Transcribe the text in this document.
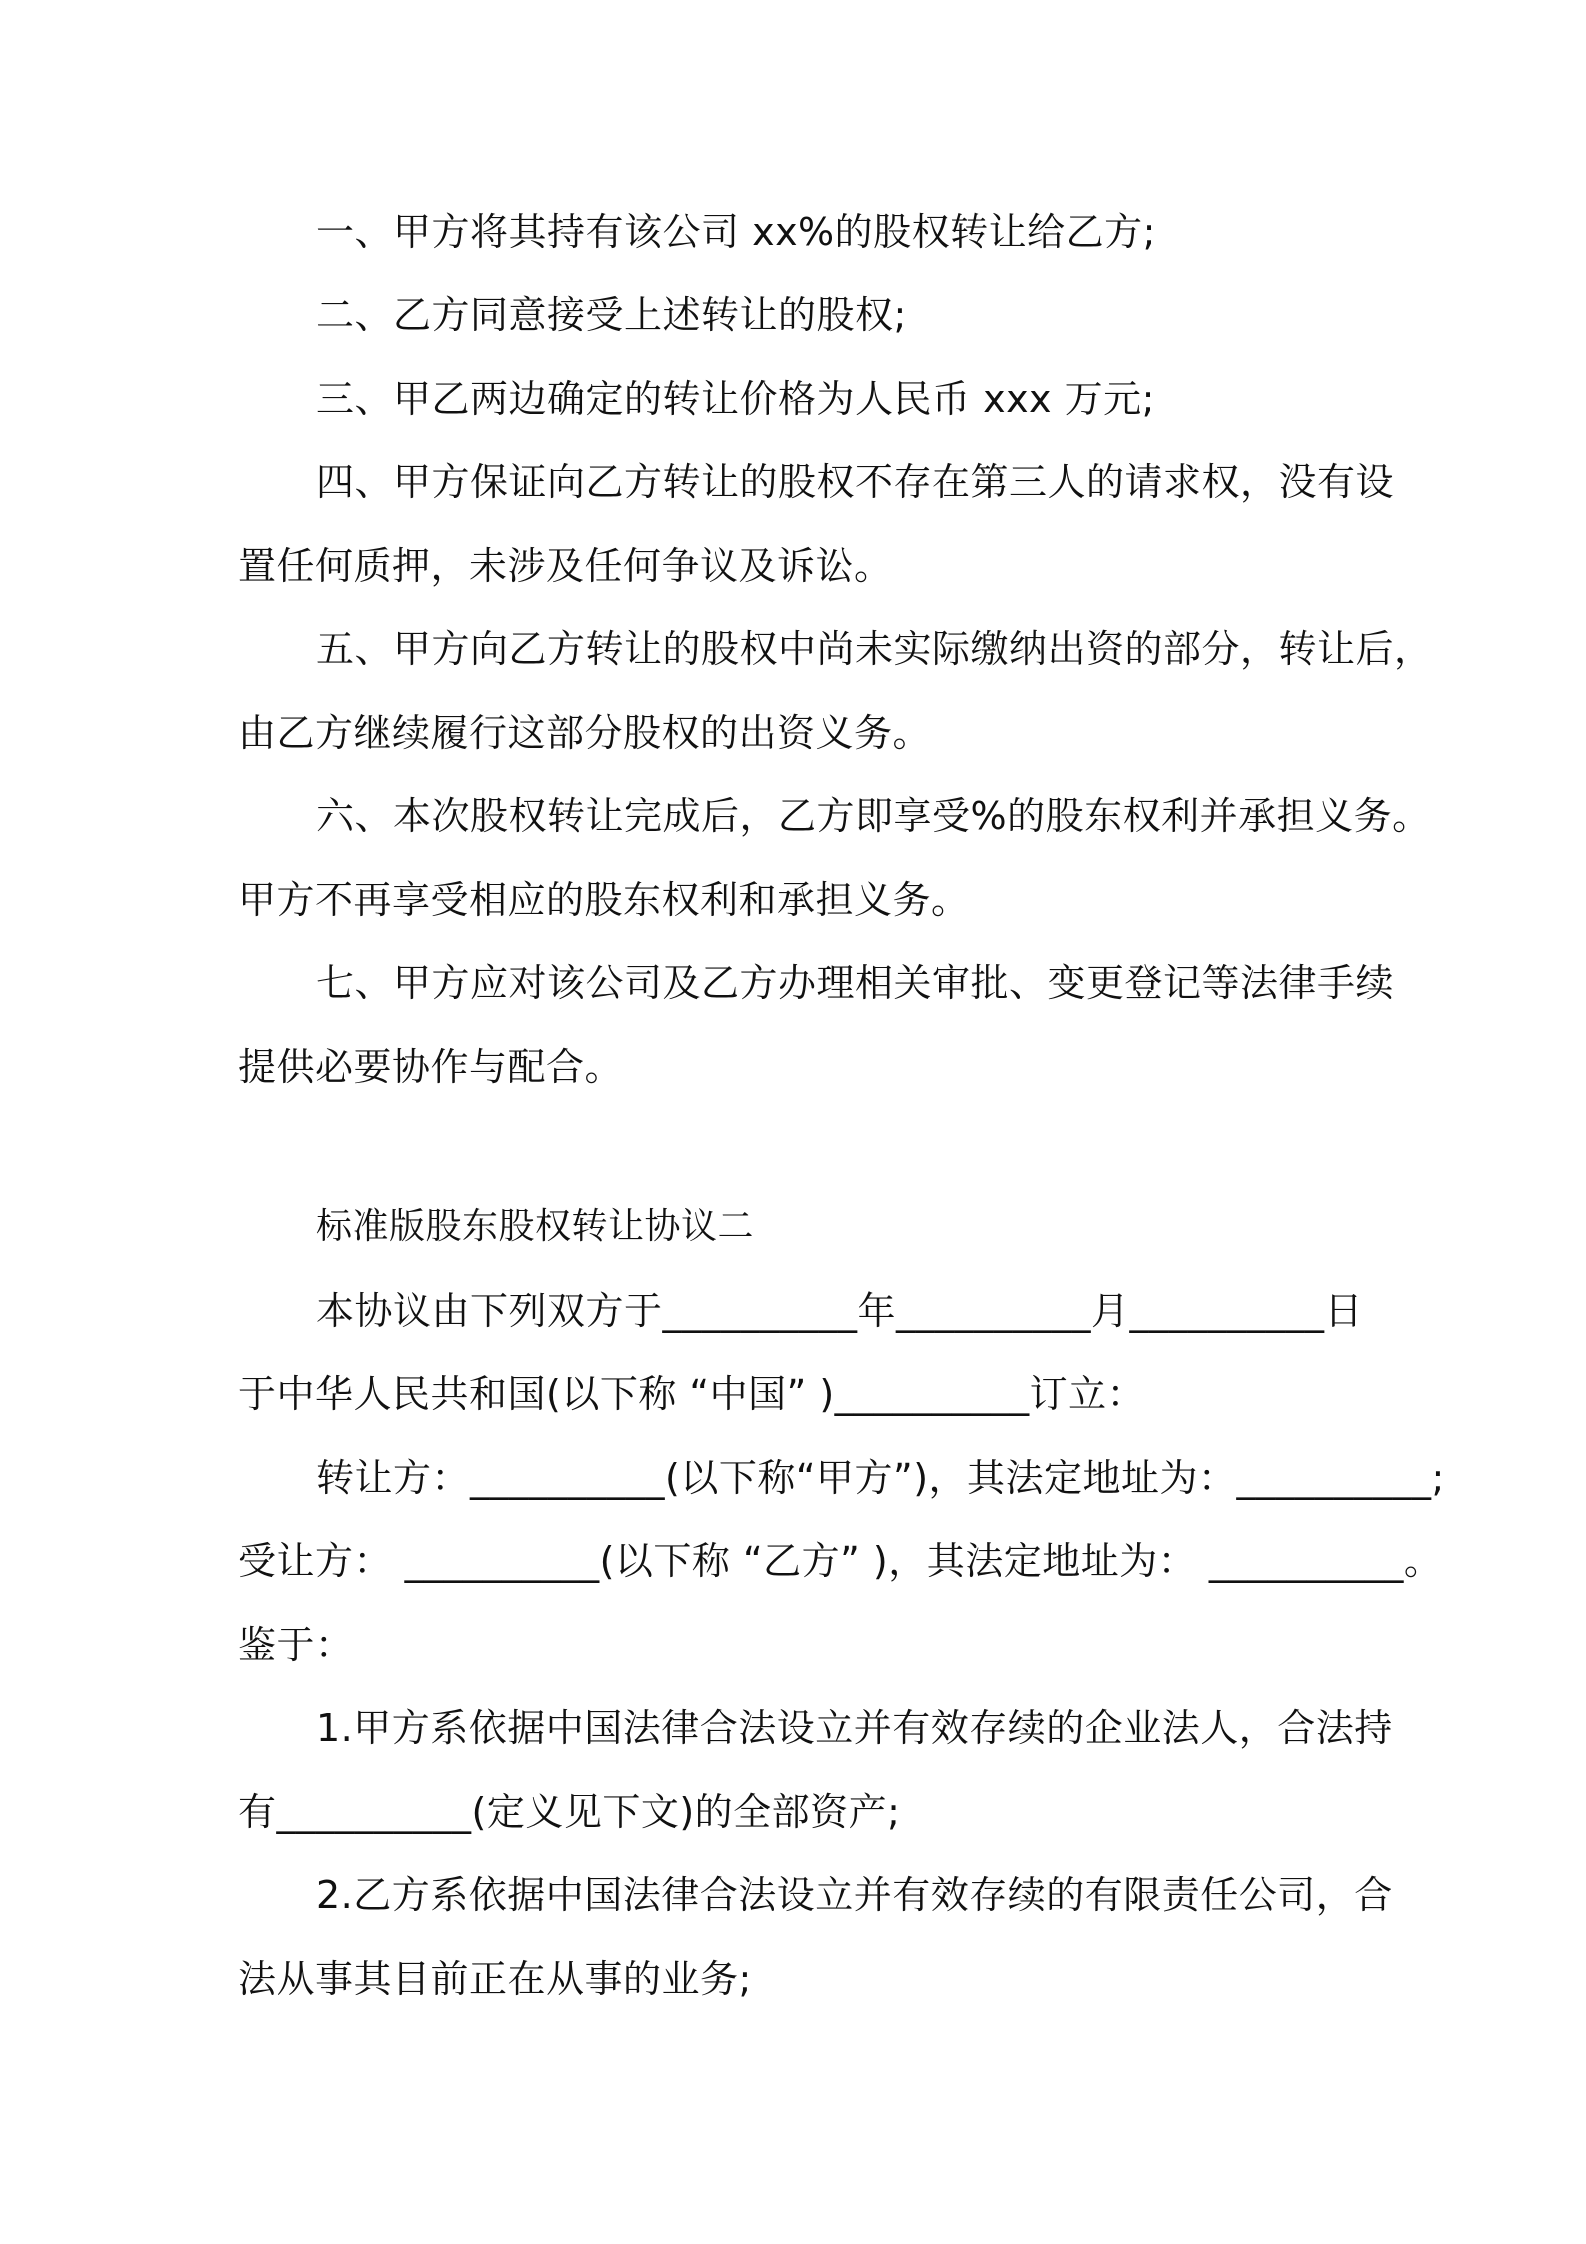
一、甲方将其持有该公司 xx%的股权转让给乙方;
二、乙方同意接受上述转让的股权;
三、甲乙两边确定的转让价格为人民币 xxx 万元;
四、甲方保证向乙方转让的股权不存在第三人的请求权，没有设
置任何质押，未涉及任何争议及诉讼。
五、甲方向乙方转让的股权中尚未实际缴纳出资的部分，转让后，
由乙方继续履行这部分股权的出资义务。
六、本次股权转让完成后，乙方即享受%的股东权利并承担义务。
甲方不再享受相应的股东权利和承担义务。
七、甲方应对该公司及乙方办理相关审批、变更登记等法律手续
提供必要协作与配合。
标准版股东股权转让协议二
本协议由下列双方于__________年__________月__________日
于中华人民共和国(以下称 “中国” )__________订立：
转让方：__________(以下称“甲方”)，其法定地址为：__________;
受让方： __________(以下称 “乙方” )，其法定地址为： __________。
鉴于：
1.甲方系依据中国法律合法设立并有效存续的企业法人，合法持
有__________(定义见下文)的全部资产;
2.乙方系依据中国法律合法设立并有效存续的有限责任公司，合
法从事其目前正在从事的业务;
